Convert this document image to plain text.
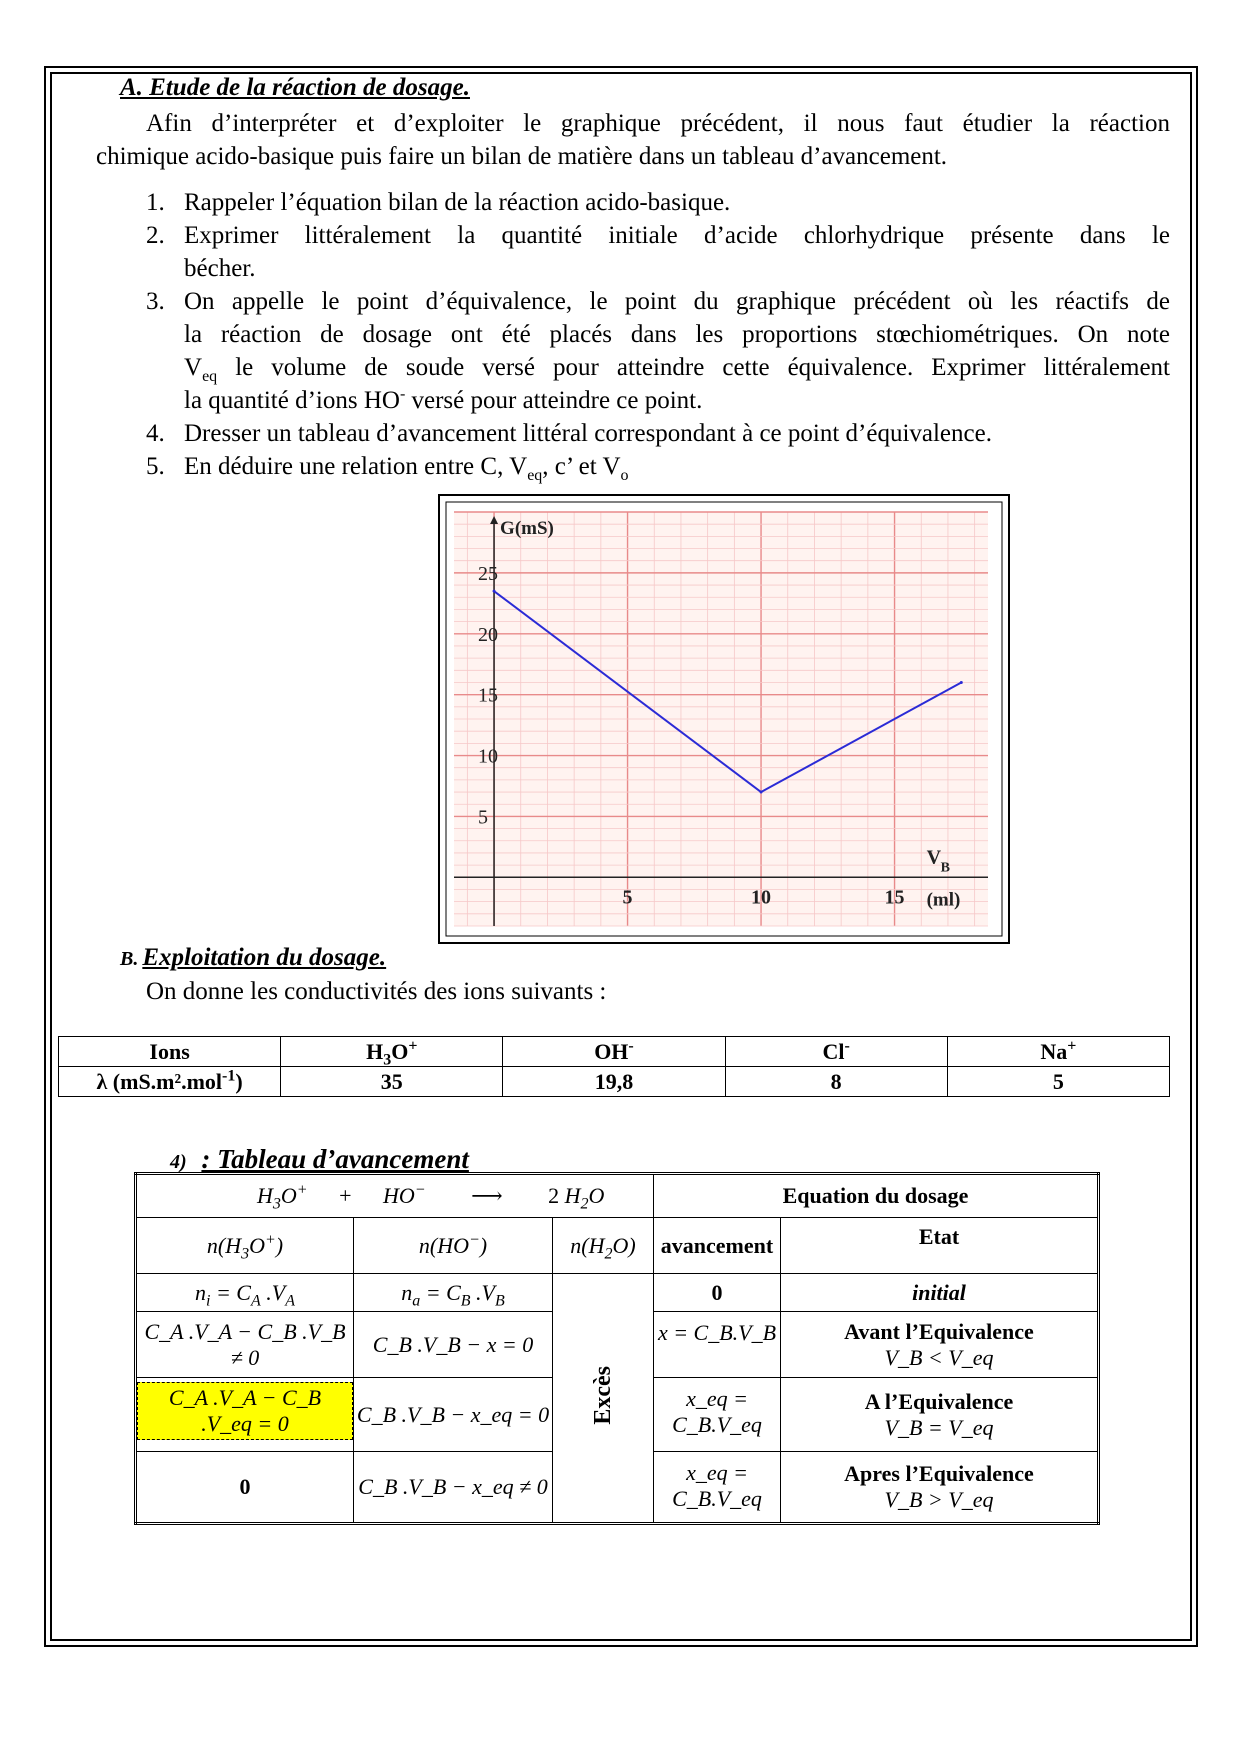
A. Etude de la réaction de dosage.
Afin d’interpréter et d’exploiter le graphique précédent, il nous faut étudier la réaction
chimique acido-basique puis faire un bilan de matière dans un tableau d’avancement.
1. Rappeler l’équation bilan de la réaction acido-basique.
2. Exprimer littéralement la quantité initiale d’acide chlorhydrique présente dans le
bécher.
3. On appelle le point d’équivalence, le point du graphique précédent où les réactifs de
la réaction de dosage ont été placés dans les proportions stœchiométriques. On note
$V_{eq}$ le volume de soude versé pour atteindre cette équivalence. Exprimer littéralement
la quantité d’ions HO- versé pour atteindre ce point.
4. Dresser un tableau d’avancement littéral correspondant à ce point d’équivalence.
5. En déduire une relation entre C, $V_{eq}$, c’ et $V_o$
25
20
15
10
5
5	10	15
G(mS)
V B
(ml)
B. Exploitation du dosage.
On donne les conductivités des ions suivants :
Ions	$H_3O^+$	OH-	Cl-	Na+
λ (mS.m².mol$^{-1}$)	35	19,8	8	5
4) : Tableau d’avancement
$H_3O^+ + HO^-$ ⟶ 2 $H_2O$			Equation du dosage	
$n(H_3O^+)$	n(HO−)	$n(H_2O)$	avancement	Etat
$n_i = C_A$ $.V_A$	$n_a = C_B$ $.V_B$	Excès	0	initial
C_A .V_A − C_B .V_B ≠ 0	C_B .V_B − x = 0		x = C_B.V_B	Avant l’Equivalence
V_B < V_eq

C_A .V_A − C_B .V_eq = 0	C_B .V_B − x_eq = 0		x_eq = C_B.V_eq	A l’Equivalence
V_B = V_eq

0	C_B .V_B − x_eq ≠ 0		x_eq = C_B.V_eq	Apres l’Equivalence
V_B > V_eq
